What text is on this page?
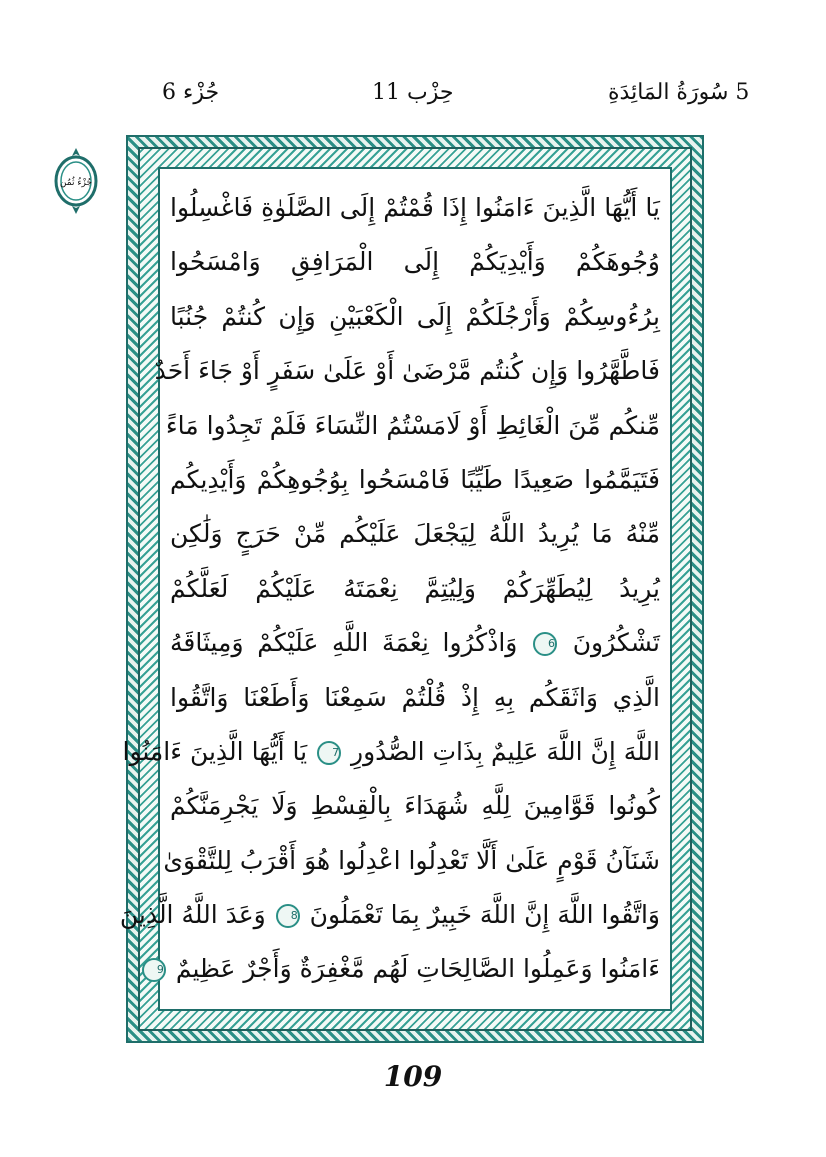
5 سُورَةُ المَائِدَةِ
حِزْب 11
جُزْء 6
جُزْءُ ثُمُن
يَا أَيُّهَا الَّذِينَ ءَامَنُوا إِذَا قُمْتُمْ إِلَى الصَّلَوٰةِ فَاغْسِلُوا
وُجُوهَكُمْ وَأَيْدِيَكُمْ إِلَى الْمَرَافِقِ وَامْسَحُوا
بِرُءُوسِكُمْ وَأَرْجُلَكُمْ إِلَى الْكَعْبَيْنِ وَإِن كُنتُمْ جُنُبًا
فَاطَّهَّرُوا وَإِن كُنتُم مَّرْضَىٰ أَوْ عَلَىٰ سَفَرٍ أَوْ جَاءَ أَحَدٌ
مِّنكُم مِّنَ الْغَائِطِ أَوْ لَامَسْتُمُ النِّسَاءَ فَلَمْ تَجِدُوا مَاءً
فَتَيَمَّمُوا صَعِيدًا طَيِّبًا فَامْسَحُوا بِوُجُوهِكُمْ وَأَيْدِيكُم
مِّنْهُ مَا يُرِيدُ اللَّهُ لِيَجْعَلَ عَلَيْكُم مِّنْ حَرَجٍ وَلَٰكِن
يُرِيدُ لِيُطَهِّرَكُمْ وَلِيُتِمَّ نِعْمَتَهُ عَلَيْكُمْ لَعَلَّكُمْ
تَشْكُرُونَ 6 وَاذْكُرُوا نِعْمَةَ اللَّهِ عَلَيْكُمْ وَمِيثَاقَهُ
الَّذِي وَاثَقَكُم بِهِ إِذْ قُلْتُمْ سَمِعْنَا وَأَطَعْنَا وَاتَّقُوا
اللَّهَ إِنَّ اللَّهَ عَلِيمٌ بِذَاتِ الصُّدُورِ 7 يَا أَيُّهَا الَّذِينَ ءَامَنُوا
كُونُوا قَوَّامِينَ لِلَّهِ شُهَدَاءَ بِالْقِسْطِ وَلَا يَجْرِمَنَّكُمْ
شَنَآنُ قَوْمٍ عَلَىٰ أَلَّا تَعْدِلُوا اعْدِلُوا هُوَ أَقْرَبُ لِلتَّقْوَىٰ
وَاتَّقُوا اللَّهَ إِنَّ اللَّهَ خَبِيرٌ بِمَا تَعْمَلُونَ 8 وَعَدَ اللَّهُ الَّذِينَ
ءَامَنُوا وَعَمِلُوا الصَّالِحَاتِ لَهُم مَّغْفِرَةٌ وَأَجْرٌ عَظِيمٌ 9
109
